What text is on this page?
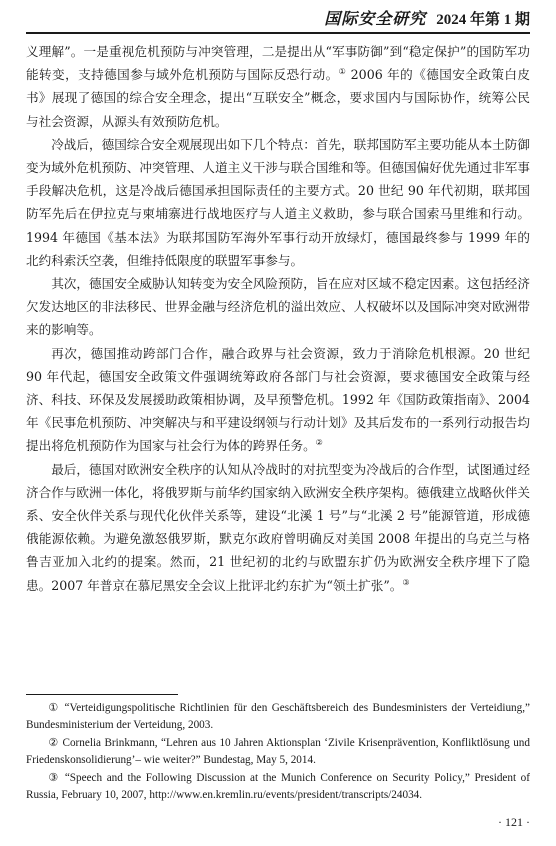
国际安全研究 2024 年第 1 期

义理解”。一是重视危机预防与冲突管理，二是提出从“军事防御”到“稳定保护”的国防军功能转变，支持德国参与域外危机预防与国际反恐行动。① 2006 年的《德国安全政策白皮书》展现了德国的综合安全理念，提出“互联安全”概念，要求国内与国际协作，统筹公民与社会资源，从源头有效预防危机。

冷战后，德国综合安全观展现出如下几个特点：首先，联邦国防军主要功能从本土防御变为域外危机预防、冲突管理、人道主义干涉与联合国维和等。但德国偏好优先通过非军事手段解决危机，这是冷战后德国承担国际责任的主要方式。20 世纪 90 年代初期，联邦国防军先后在伊拉克与柬埔寨进行战地医疗与人道主义救助，参与联合国索马里维和行动。1994 年德国《基本法》为联邦国防军海外军事行动开放绿灯，德国最终参与 1999 年的北约科索沃空袭，但维持低限度的联盟军事参与。

其次，德国安全威胁认知转变为安全风险预防，旨在应对区域不稳定因素。这包括经济欠发达地区的非法移民、世界金融与经济危机的溢出效应、人权破坏以及国际冲突对欧洲带来的影响等。

再次，德国推动跨部门合作，融合政界与社会资源，致力于消除危机根源。20 世纪 90 年代起，德国安全政策文件强调统筹政府各部门与社会资源，要求德国安全政策与经济、科技、环保及发展援助政策相协调，及早预警危机。1992 年《国防政策指南》、2004 年《民事危机预防、冲突解决与和平建设纲领与行动计划》及其后发布的一系列行动报告均提出将危机预防作为国家与社会行为体的跨界任务。②

最后，德国对欧洲安全秩序的认知从冷战时的对抗型变为冷战后的合作型，试图通过经济合作与欧洲一体化，将俄罗斯与前华约国家纳入欧洲安全秩序架构。德俄建立战略伙伴关系、安全伙伴关系与现代化伙伴关系等，建设“北溪 1 号”与“北溪 2 号”能源管道，形成德俄能源依赖。为避免激怒俄罗斯，默克尔政府曾明确反对美国 2008 年提出的乌克兰与格鲁吉亚加入北约的提案。然而，21 世纪初的北约与欧盟东扩仍为欧洲安全秩序埋下了隐患。2007 年普京在慕尼黑安全会议上批评北约东扩为“领土扩张”。③

① “Verteidigungspolitische Richtlinien für den Geschäftsbereich des Bundesministers der Verteidiung,” Bundesministerium der Verteidung, 2003.

② Cornelia Brinkmann, “Lehren aus 10 Jahren Aktionsplan ‘Zivile Krisenprävention, Konfliktlösung und Friedenskonsolidierung’– wie weiter?” Bundestag, May 5, 2014.

③ “Speech and the Following Discussion at the Munich Conference on Security Policy,” President of Russia, February 10, 2007, http://www.en.kremlin.ru/events/president/transcripts/24034.

· 121 ·
